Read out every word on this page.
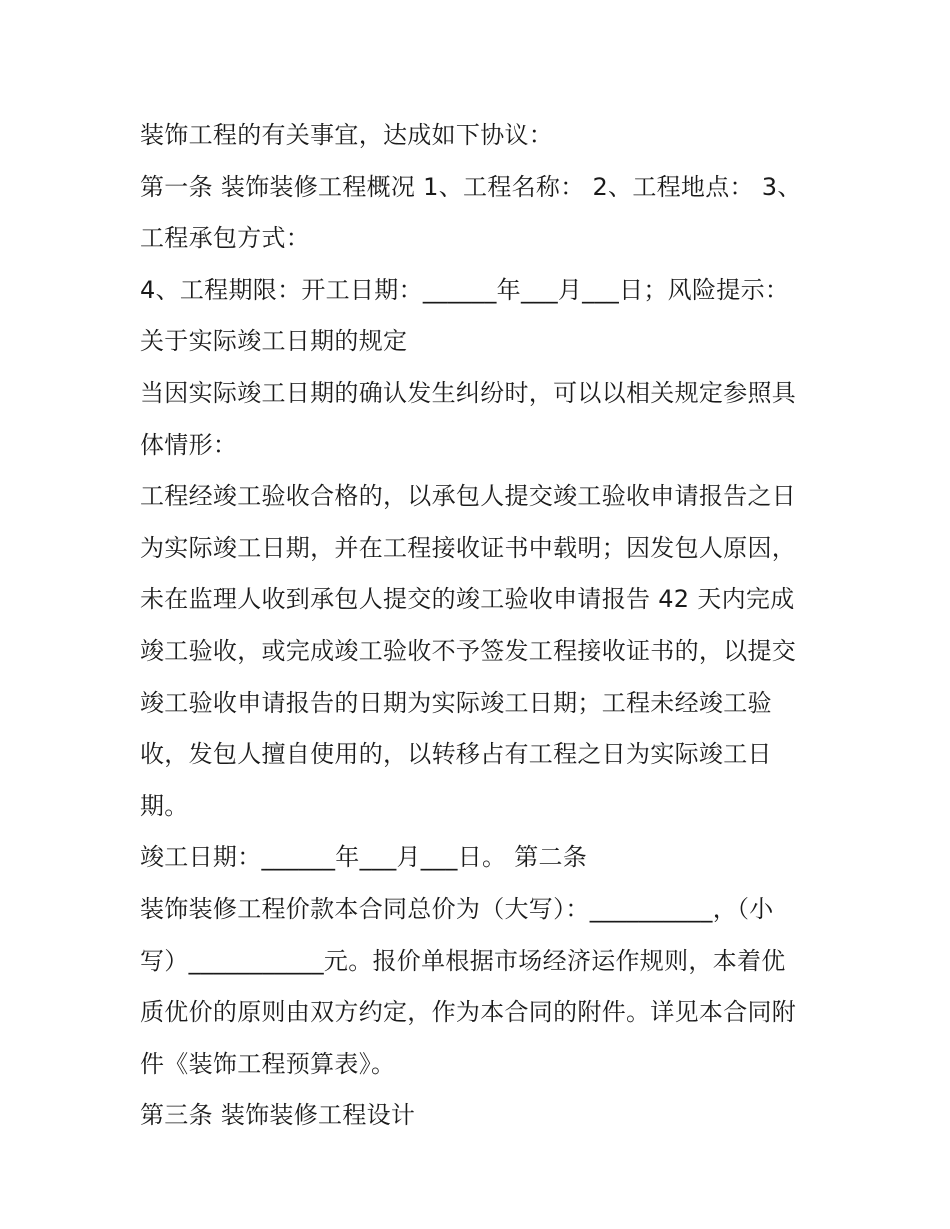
装饰工程的有关事宜，达成如下协议：
第一条 装饰装修工程概况 1、工程名称： 2、工程地点： 3、
工程承包方式：
4、工程期限：开工日期：______年___月___日；风险提示：
关于实际竣工日期的规定
当因实际竣工日期的确认发生纠纷时，可以以相关规定参照具
体情形：
工程经竣工验收合格的，以承包人提交竣工验收申请报告之日
为实际竣工日期，并在工程接收证书中载明；因发包人原因，
未在监理人收到承包人提交的竣工验收申请报告 42 天内完成
竣工验收，或完成竣工验收不予签发工程接收证书的，以提交
竣工验收申请报告的日期为实际竣工日期；工程未经竣工验
收，发包人擅自使用的，以转移占有工程之日为实际竣工日
期。
竣工日期：______年___月___日。 第二条
装饰装修工程价款本合同总价为（大写）：__________，（小
写）___________元。报价单根据市场经济运作规则，本着优
质优价的原则由双方约定，作为本合同的附件。详见本合同附
件《装饰工程预算表》。
第三条 装饰装修工程设计
